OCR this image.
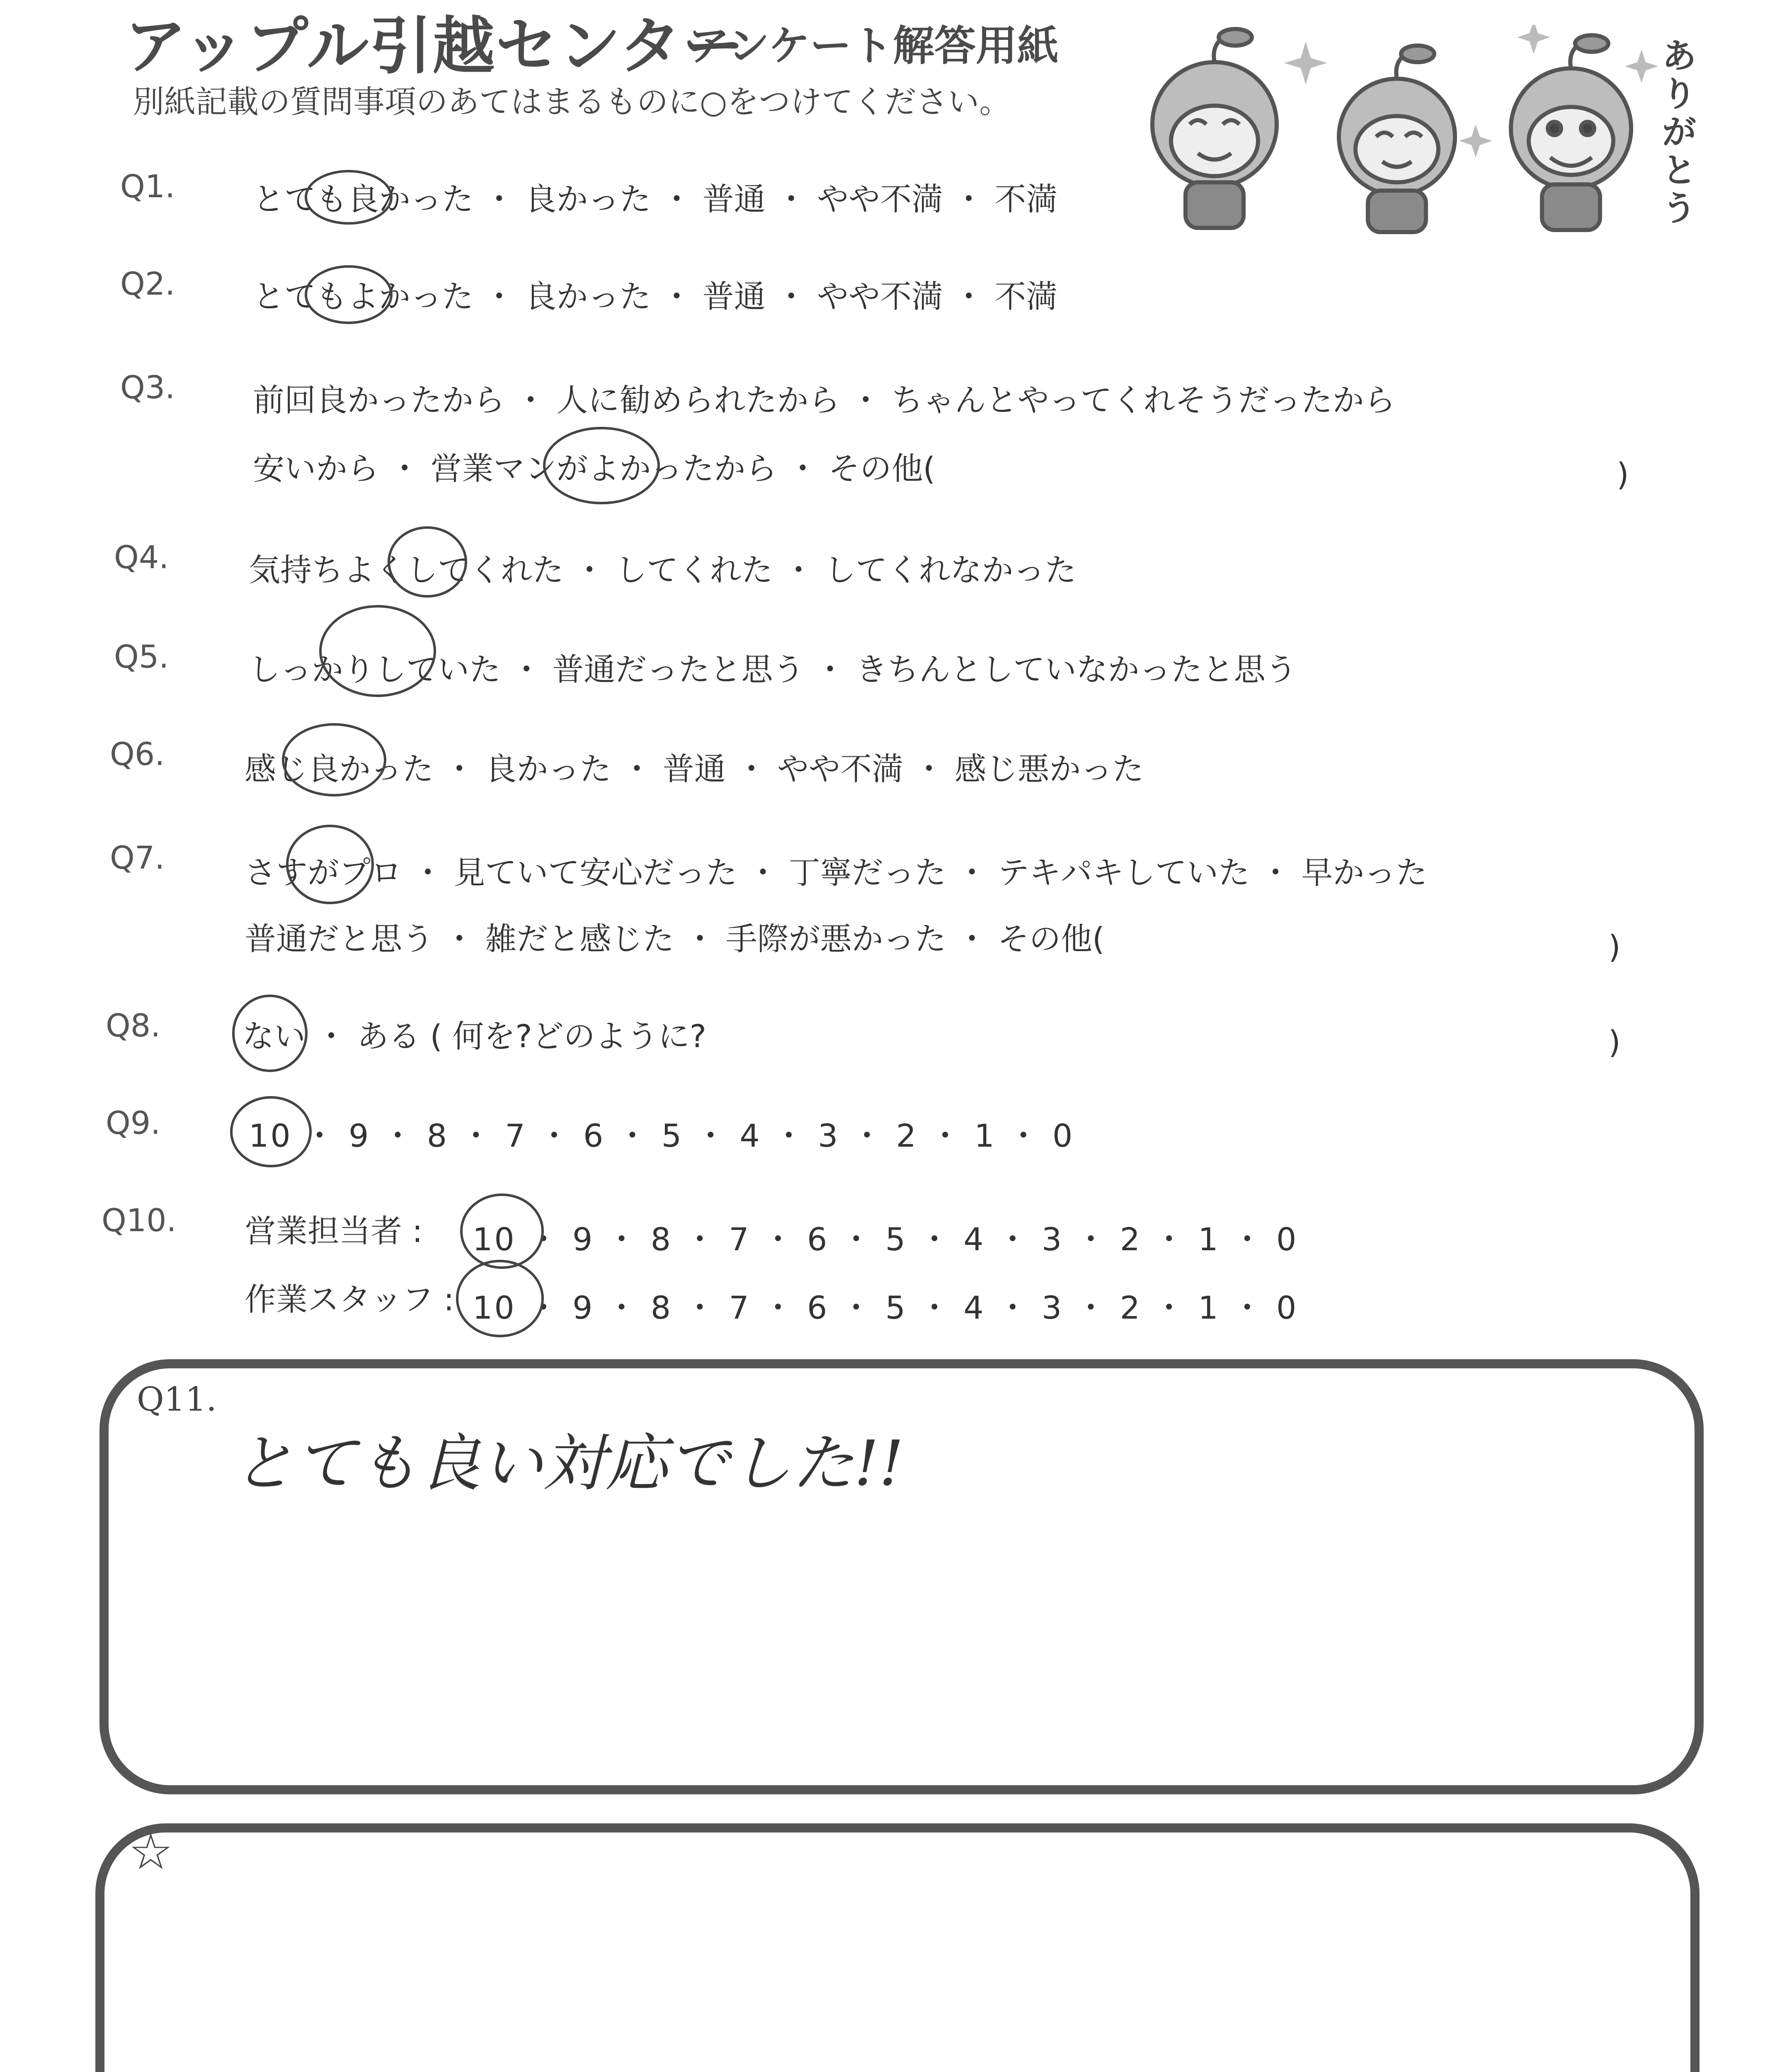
アップル引越センター
アンケート解答用紙
別紙記載の質問事項のあてはまるものに○をつけてください。
ありがとう
Q1. とても良かった ・ 良かった ・ 普通 ・ やや不満 ・ 不満
Q2. とてもよかった ・ 良かった ・ 普通 ・ やや不満 ・ 不満
Q3. 前回良かったから ・ 人に勧められたから ・ ちゃんとやってくれそうだったから
安いから ・ 営業マンがよかったから ・ その他(	)
Q4.	気持ちよくしてくれた ・ してくれた ・ してくれなかった
Q5.	しっかりしていた ・ 普通だったと思う ・ きちんとしていなかったと思う
Q6.	感じ良かった ・ 良かった ・ 普通 ・ やや不満 ・ 感じ悪かった
Q7.	さすがプロ ・ 見ていて安心だった ・ 丁寧だった ・ テキパキしていた ・ 早かった
普通だと思う ・ 雑だと感じた ・ 手際が悪かった ・ その他(	)
Q8.	ない ・ ある ( 何を?どのように?	)
Q9.	10 ・ 9 ・ 8 ・ 7 ・ 6 ・ 5 ・ 4 ・ 3 ・ 2 ・ 1 ・ 0
Q10. 営業担当者 : 10 ・ 9 ・ 8 ・ 7 ・ 6 ・ 5 ・ 4 ・ 3 ・ 2 ・ 1 ・ 0
作業スタッフ : 10 ・ 9 ・ 8 ・ 7 ・ 6 ・ 5 ・ 4 ・ 3 ・ 2 ・ 1 ・ 0
Q11.
とても良い対応でした!!
☆
